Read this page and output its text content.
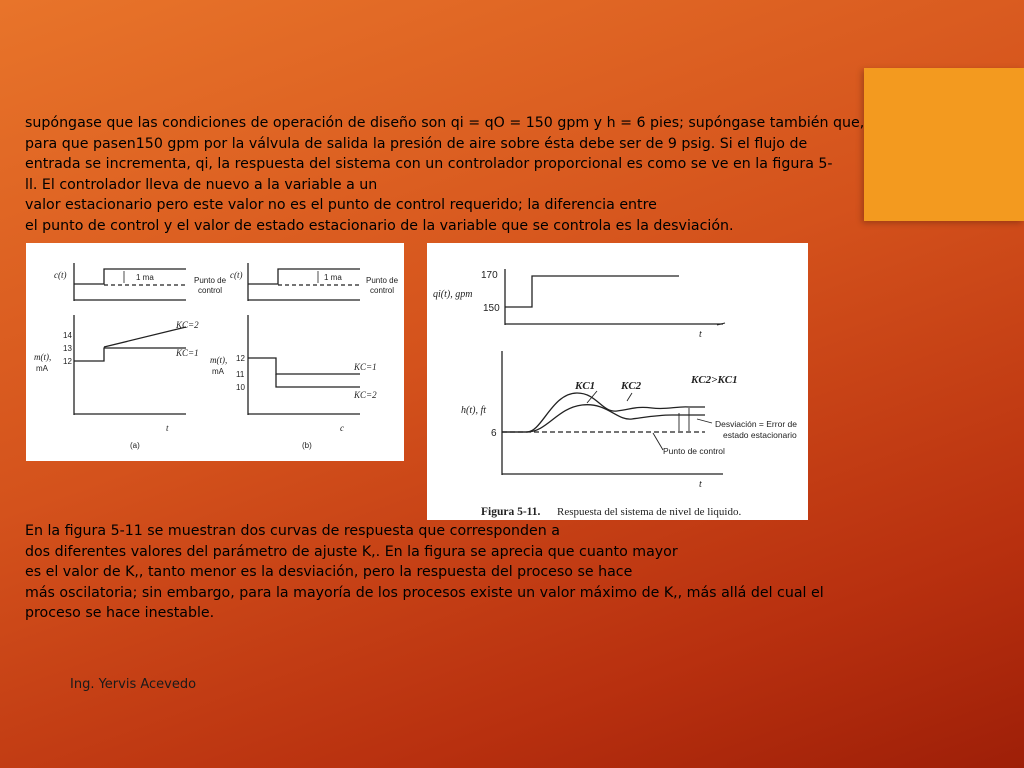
supóngase que las condiciones de operación de diseño son qi = qO = 150 gpm y h = 6 pies; supóngase también que,
para que pasen150 gpm por la válvula de salida la presión de aire sobre ésta debe ser de 9 psig. Si el flujo de
entrada se incrementa, qi, la respuesta del sistema con un controlador proporcional es como se ve en la figura 5-
ll. El controlador lleva de nuevo a la variable a un
valor estacionario pero este valor no es el punto de control requerido; la diferencia entre
el punto de control y el valor de estado estacionario de la variable que se controla es la desviación.
c(t)	1 ma	Punto de
control
m(t),
mA
14
13
12
KC=2
KC=1
t
(a)
c(t)	1 ma	Punto de
control
m(t),
mA
12
11
10
KC=1
KC=2
c
(b)
170
150
qi(t), gpm
t
KC1 KC2	KC2>KC1
h(t), ft
6
Desviación = Error de
estado estacionario
Punto de control
t
Figura 5-11. Respuesta del sistema de nivel de liquido.
En la figura 5-11 se muestran dos curvas de respuesta que corresponden a
dos diferentes valores del parámetro de ajuste K,. En la figura se aprecia que cuanto mayor
es el valor de K,, tanto menor es la desviación, pero la respuesta del proceso se hace
más oscilatoria; sin embargo, para la mayoría de los procesos existe un valor máximo de K,, más allá del cual el
proceso se hace inestable.
Ing. Yervis Acevedo
